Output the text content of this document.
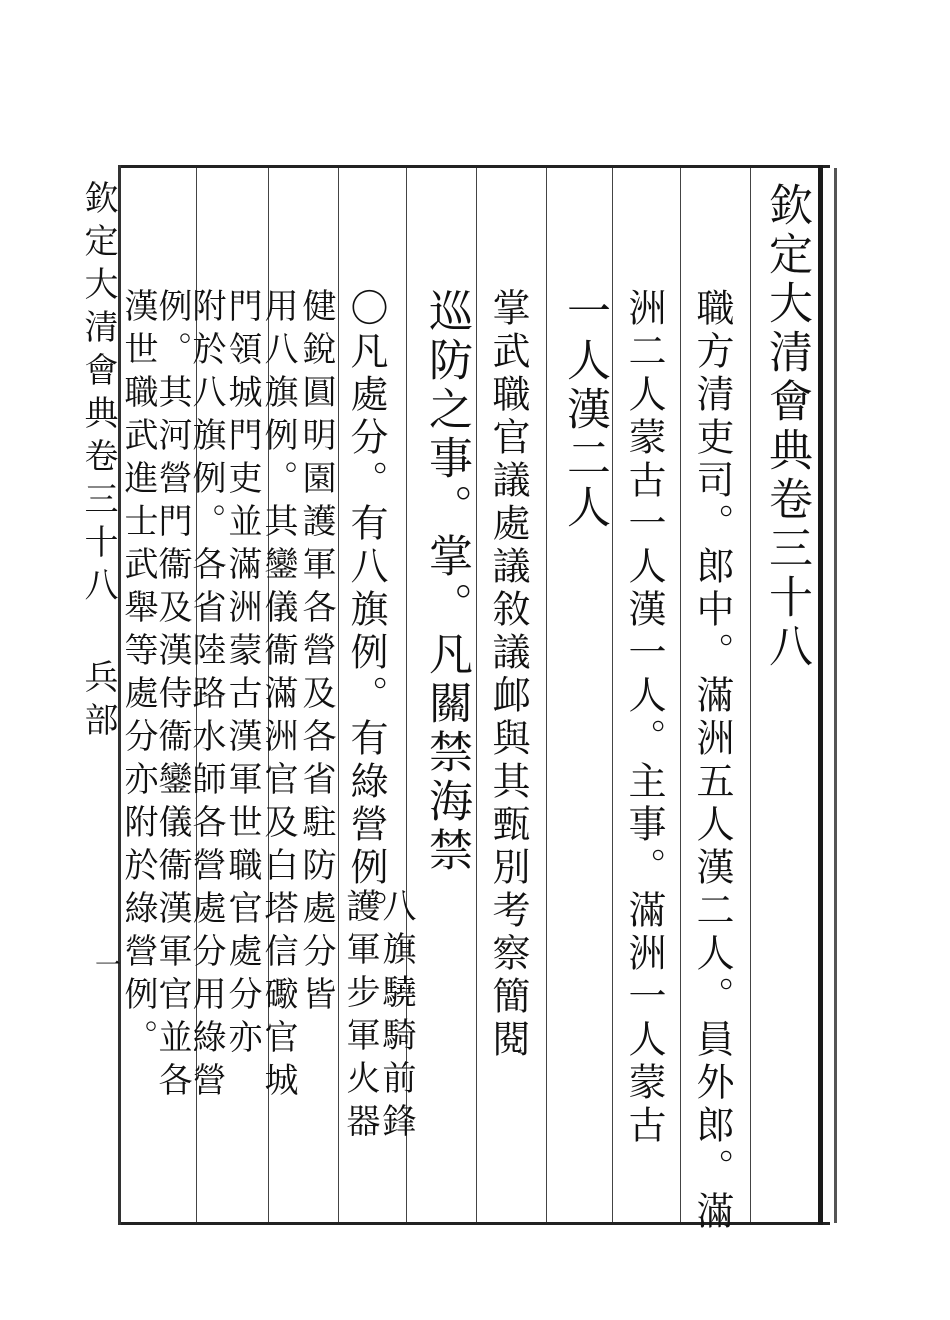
欽定大清會典卷三十八
職方清吏司。郎中。滿洲五人漢二人。員外郎。滿
洲二人蒙古一人漢一人。主事。滿洲一人蒙古
一人漢二人
掌武職官議處議敘議䘏與其甄別考察簡閱
巡防之事。掌。凡關禁海禁
〇凡處分。有八旗例。有綠營例。
八旗驍騎前鋒
護軍步軍火器
健銳圓明園護軍各營及各省駐防處分皆
用八旗例。其鑾儀衞滿洲官及白塔信礮官城
門領城門吏並滿洲蒙古漢軍世職官處分亦
附於八旗例。各省陸路水師各營處分用綠營
例。其河營門衞及漢侍衞鑾儀衞漢軍官並各
漢世職武進士武舉等處分亦附於綠營例。
欽定大清會典卷三十八 兵部
一
